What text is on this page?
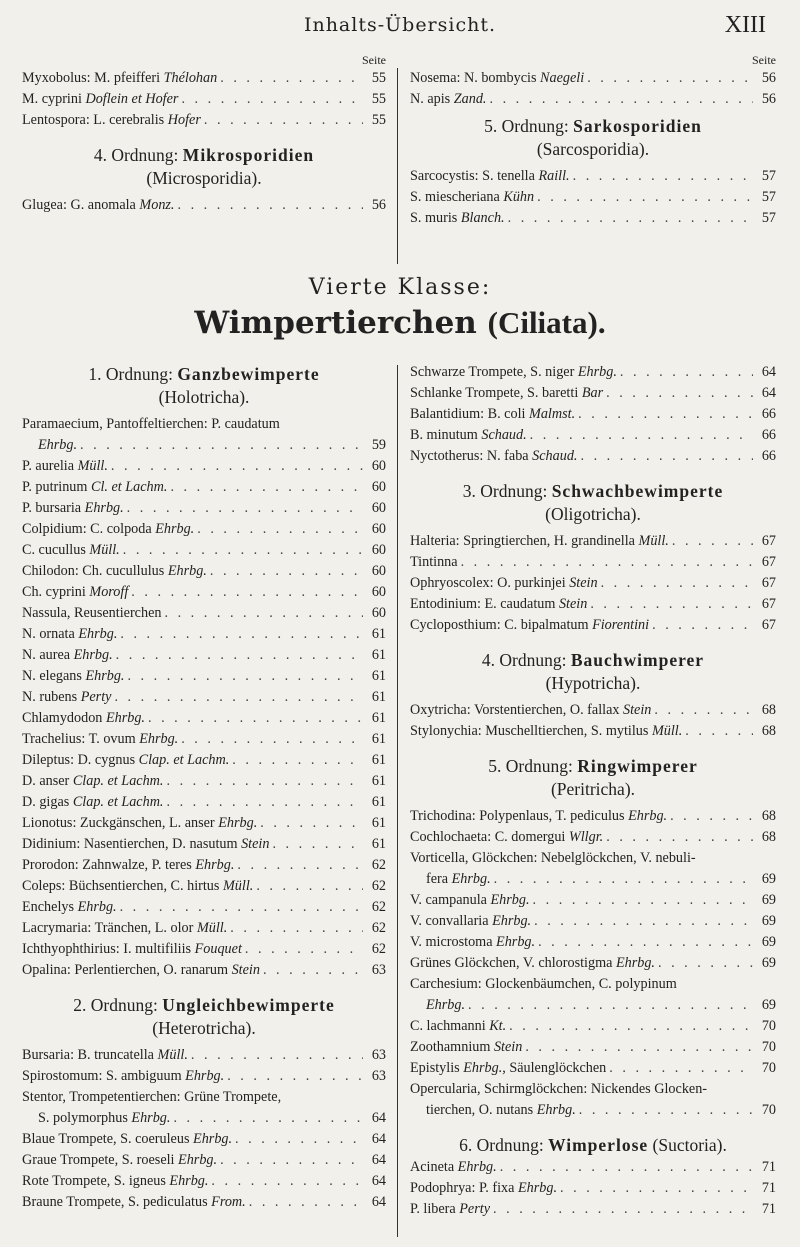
Inhalts-Übersicht.	XIII
Seite
Myxobolus: M. pfeifferi Thélohan . . .	55
M. cyprini Doflein et Hofer . . .	55
Lentospora: L. cerebralis Hofer . . .	55
4. Ordnung: Mikrosporidien
(Microsporidia).
Glugea: G. anomala Monz. . . .	56
Seite
Nosema: N. bombycis Naegeli . . .	56
N. apis Zand. . . .	56
5. Ordnung: Sarkosporidien
(Sarcosporidia).
Sarcocystis: S. tenella Raill. . . .	57
S. miescheriana Kühn . . .	57
S. muris Blanch. . . .	57
Vierte Klasse:
Wimpertierchen (Ciliata).
1. Ordnung: Ganzbewimperte
(Holotricha).
Paramaecium, Pantoffeltierchen: P. caudatum
Ehrbg. . . .	59
P. aurelia Müll. . . .	60
P. putrinum Cl. et Lachm. . . .	60
P. bursaria Ehrbg. . . .	60
Colpidium: C. colpoda Ehrbg. . . .	60
C. cucullus Müll. . . .	60
Chilodon: Ch. cucullulus Ehrbg. . . .	60
Ch. cyprini Moroff . . .	60
Nassula, Reusentierchen . . .	60
N. ornata Ehrbg. . . .	61
N. aurea Ehrbg. . . .	61
N. elegans Ehrbg. . . .	61
N. rubens Perty . . .	61
Chlamydodon Ehrbg. . . .	61
Trachelius: T. ovum Ehrbg. . . .	61
Dileptus: D. cygnus Clap. et Lachm. . . .	61
D. anser Clap. et Lachm. . . .	61
D. gigas Clap. et Lachm. . . .	61
Lionotus: Zuckgänschen, L. anser Ehrbg. . . .	61
Didinium: Nasentierchen, D. nasutum Stein . . .	61
Prorodon: Zahnwalze, P. teres Ehrbg. . . .	62
Coleps: Büchsentierchen, C. hirtus Müll. . . .	62
Enchelys Ehrbg. . . .	62
Lacrymaria: Tränchen, L. olor Müll. . . .	62
Ichthyophthirius: I. multifiliis Fouquet . . .	62
Opalina: Perlentierchen, O. ranarum Stein . . .	63
2. Ordnung: Ungleichbewimperte
(Heterotricha).
Bursaria: B. truncatella Müll. . . .	63
Spirostomum: S. ambiguum Ehrbg. . . .	63
Stentor, Trompetentierchen: Grüne Trompete,
S. polymorphus Ehrbg. . . .	64
Blaue Trompete, S. coeruleus Ehrbg. . . .	64
Graue Trompete, S. roeseli Ehrbg. . . .	64
Rote Trompete, S. igneus Ehrbg. . . .	64
Braune Trompete, S. pediculatus From. . . .	64
Schwarze Trompete, S. niger Ehrbg. . . .	64
Schlanke Trompete, S. baretti Bar . . .	64
Balantidium: B. coli Malmst. . . .	66
B. minutum Schaud. . . .	66
Nyctotherus: N. faba Schaud. . . .	66
3. Ordnung: Schwachbewimperte
(Oligotricha).
Halteria: Springtierchen, H. grandinella Müll. . . .	67
Tintinna . . .	67
Ophryoscolex: O. purkinjei Stein . . .	67
Entodinium: E. caudatum Stein . . .	67
Cycloposthium: C. bipalmatum Fiorentini . . .	67
4. Ordnung: Bauchwimperer
(Hypotricha).
Oxytricha: Vorstentierchen, O. fallax Stein . . .	68
Stylonychia: Muschelltierchen, S. mytilus Müll. . . .	68
5. Ordnung: Ringwimperer
(Peritricha).
Trichodina: Polypenlaus, T. pediculus Ehrbg. . . .	68
Cochlochaeta: C. domergui Wllgr. . . .	68
Vorticella, Glöckchen: Nebelglöckchen, V. nebuli-
fera Ehrbg. . . .	69
V. campanula Ehrbg. . . .	69
V. convallaria Ehrbg. . . .	69
V. microstoma Ehrbg. . . .	69
Grünes Glöckchen, V. chlorostigma Ehrbg. . . .	69
Carchesium: Glockenbäumchen, C. polypinum
Ehrbg. . . .	69
C. lachmanni Kt. . . .	70
Zoothamnium Stein . . .	70
Epistylis Ehrbg., Säulenglöckchen . . .	70
Opercularia, Schirmglöckchen: Nickendes Glocken-
tierchen, O. nutans Ehrbg. . . .	70
6. Ordnung: Wimperlose (Suctoria).
Acineta Ehrbg. . . .	71
Podophrya: P. fixa Ehrbg. . . .	71
P. libera Perty . . .	71
